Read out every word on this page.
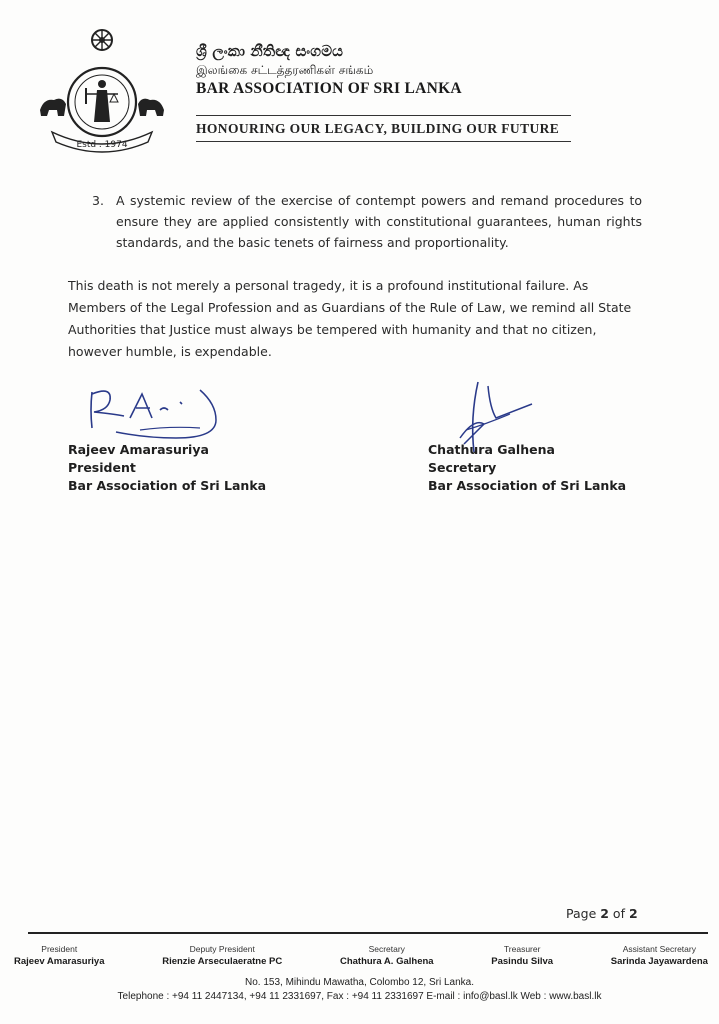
Estd . 1974
ශ්‍රී ලංකා නීතිඥ සංගමය
இலங்கை சட்டத்தரணிகள் சங்கம்
BAR ASSOCIATION OF SRI LANKA
HONOURING OUR LEGACY, BUILDING OUR FUTURE
3. A systemic review of the exercise of contempt powers and remand procedures to ensure they are applied consistently with constitutional guarantees, human rights standards, and the basic tenets of fairness and proportionality.
This death is not merely a personal tragedy, it is a profound institutional failure. As Members of the Legal Profession and as Guardians of the Rule of Law, we remind all State Authorities that Justice must always be tempered with humanity and that no citizen, however humble, is expendable.
Rajeev Amarasuriya
President
Bar Association of Sri Lanka
Chathura Galhena
Secretary
Bar Association of Sri Lanka
Page 2 of 2
President
Rajeev Amarasuriya
Deputy President
Rienzie Arseculaeratne PC
Secretary
Chathura A. Galhena
Treasurer
Pasindu Silva
Assistant Secretary
Sarinda Jayawardena
No. 153, Mihindu Mawatha, Colombo 12, Sri Lanka.
Telephone : +94 11 2447134, +94 11 2331697, Fax : +94 11 2331697 E-mail : info@basl.lk Web : www.basl.lk
